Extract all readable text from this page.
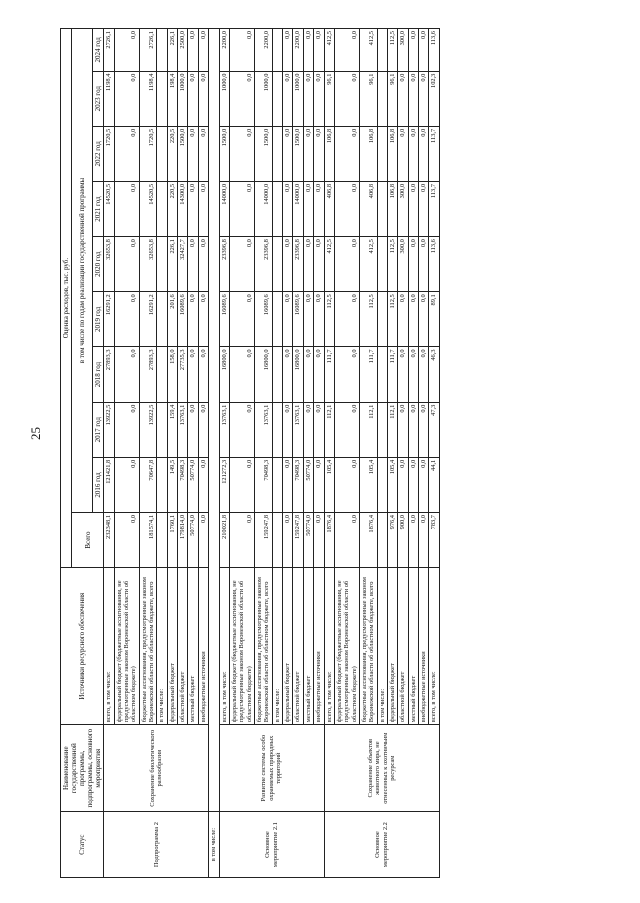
25
Статус	Наименование государственной программы, подпрограммы, основного мероприятия	Источники ресурсного обеспечения	Оценка расходов, тыс. руб.									
			Всего	в том числе по годам реализации государственной программы								
				2016 год	2017 год	2018 год	2019 год	2020 год	2021 год	2022 год	2023 год	2024 год
Подпрограмма 2	Сохранение биологического разнообразия	всего, в том числе:	232348,1	121421,8	13922,5	27893,3	16291,2	32653,8	14520,5	1720,5	1198,4	2726,1
		федеральный бюджет (бюджетные ассигнования, не предусмотренные законом Воронежской области об областном бюджете)	0,0	0,0	0,0	0,0	0,0	0,0	0,0	0,0	0,0	0,0
		бюджетные ассигнования, предусмотренные законом Воронежской области об областном бюджете, всего	181574,1	70647,8	13922,5	27893,3	16291,2	32653,8	14520,5	1720,5	1198,4	2726,1
		в том числе:										
		федеральный бюджет	1760,1	149,5	159,4	158,0	201,6	226,1	220,5	220,5	198,4	226,1
		областной бюджет	179814,0	70498,3	13763,1	27735,3	16089,6	32427,7	14300,0	1500,0	1000,0	2500,0
		местный бюджет	50774,0	50774,0	0,0	0,0	0,0	0,0	0,0	0,0	0,0	0,0
		внебюджетные источники	0,0	0,0	0,0	0,0	0,0	0,0	0,0	0,0	0,0	0,0
в том числе:												
Основное мероприятие 2.1	Развитие системы особо охраняемых природных территорий	всего, в том числе:	210021,8	121272,3	13763,1	16800,0	16089,6	23396,8	14000,0	1500,0	1000,0	2200,0
		федеральный бюджет (бюджетные ассигнования, не предусмотренные законом Воронежской области об областном бюджете)	0,0	0,0	0,0	0,0	0,0	0,0	0,0	0,0	0,0	0,0
		бюджетные ассигнования, предусмотренные законом Воронежской области об областном бюджете, всего	159247,8	70498,3	13763,1	16800,0	16089,6	23396,8	14000,0	1500,0	1000,0	2200,0
		в том числе:										
		федеральный бюджет	0,0	0,0	0,0	0,0	0,0	0,0	0,0	0,0	0,0	0,0
		областной бюджет	159247,8	70498,3	13763,1	16800,0	16089,6	23396,8	14000,0	1500,0	1000,0	2200,0
		местный бюджет	50774,0	50774,0	0,0	0,0	0,0	0,0	0,0	0,0	0,0	0,0
		внебюджетные источники	0,0	0,0	0,0	0,0	0,0	0,0	0,0	0,0	0,0	0,0
Основное мероприятие 2.2	Сохранение объектов животного мира, не отнесенных к охотничьим ресурсам	всего, в том числе:	1876,4	105,4	112,1	111,7	112,5	412,5	406,8	106,8	96,1	412,5
		федеральный бюджет (бюджетные ассигнования, не предусмотренные законом Воронежской области об областном бюджете)	0,0	0,0	0,0	0,0	0,0	0,0	0,0	0,0	0,0	0,0
		бюджетные ассигнования, предусмотренные законом Воронежской области об областном бюджете, всего	1876,4	105,4	112,1	111,7	112,5	412,5	406,8	106,8	96,1	412,5
		в том числе:										
		федеральный бюджет	976,4	105,4	112,1	111,7	112,5	112,5	106,8	106,8	96,1	112,5
		областной бюджет	900,0	0,0	0,0	0,0	0,0	300,0	300,0	0,0	0,0	300,0
		местный бюджет	0,0	0,0	0,0	0,0	0,0	0,0	0,0	0,0	0,0	0,0
		внебюджетные источники	0,0	0,0	0,0	0,0	0,0	0,0	0,0	0,0	0,0	0,0
		всего, в том числе:	783,7	44,1	47,3	46,3	89,1	113,6	113,7	113,7	102,3	113,6
